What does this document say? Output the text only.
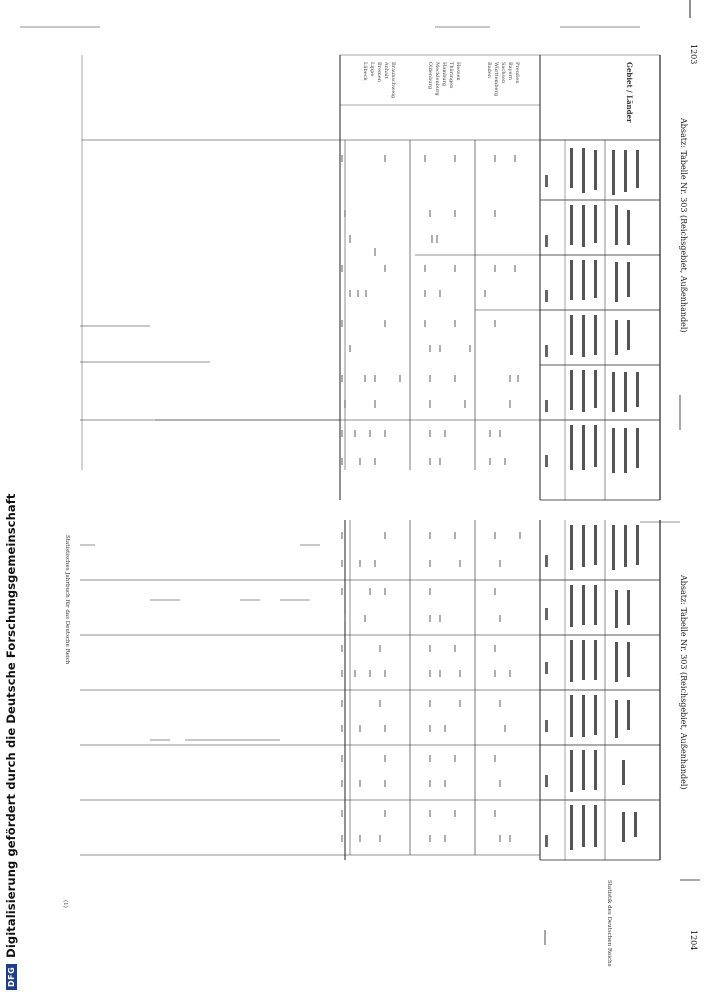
1203
1204
Absatz: Tabelle Nr. 303 (Reichsgebiet, Außenhandel)
Absatz: Tabelle Nr. 303 (Reichsgebiet, Außenhandel)
Gebiet / Länder
Preußen
Bayern
Sachsen
Württemberg
Baden
Hessen
Thüringen
Hamburg
Mecklenburg
Oldenburg
Braunschweig
Anhalt
Bremen
Lippe
Lübeck
Statistik des Deutschen Reichs
Statistisches Jahrbuch für das Deutsche Reich
(1)
DFG
Digitalisierung gefördert durch die Deutsche Forschungsgemeinschaft
